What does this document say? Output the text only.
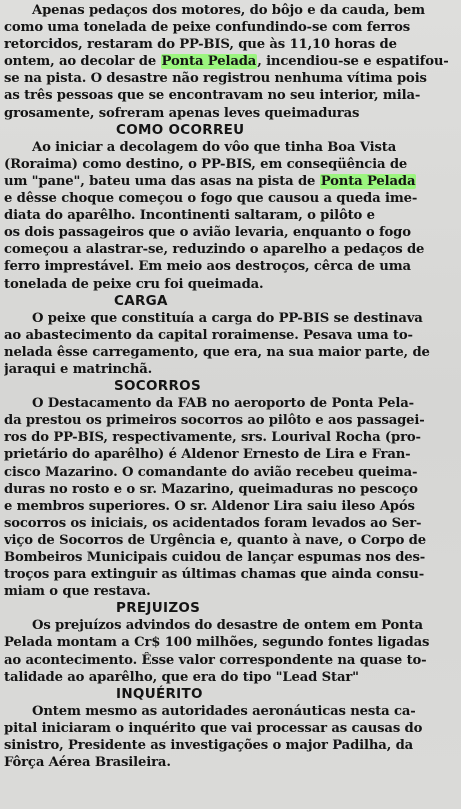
Apenas pedaços dos motores, do bôjo e da cauda, bem
como uma tonelada de peixe confundindo-se com ferros
retorcidos, restaram do PP-BIS, que às 11,10 horas de
ontem, ao decolar de Ponta Pelada, incendiou-se e espatifou-
se na pista. O desastre não registrou nenhuma vítima pois
as três pessoas que se encontravam no seu interior, mila-
grosamente, sofreram apenas leves queimaduras
COMO OCORREU
Ao iniciar a decolagem do vôo que tinha Boa Vista
(Roraima) como destino, o PP-BIS, em conseqüência de
um "pane", bateu uma das asas na pista de Ponta Pelada
e dêsse choque começou o fogo que causou a queda ime-
diata do aparêlho. Incontinenti saltaram, o pilôto e
os dois passageiros que o avião levaria, enquanto o fogo
começou a alastrar-se, reduzindo o aparelho a pedaços de
ferro imprestável. Em meio aos destroços, cêrca de uma
tonelada de peixe cru foi queimada.
CARGA
O peixe que constituía a carga do PP-BIS se destinava
ao abastecimento da capital roraimense. Pesava uma to-
nelada êsse carregamento, que era, na sua maior parte, de
jaraqui e matrinchã.
SOCORROS
O Destacamento da FAB no aeroporto de Ponta Pela-
da prestou os primeiros socorros ao pilôto e aos passagei-
ros do PP-BIS, respectivamente, srs. Lourival Rocha (pro-
prietário do aparêlho) é Aldenor Ernesto de Lira e Fran-
cisco Mazarino. O comandante do avião recebeu queima-
duras no rosto e o sr. Mazarino, queimaduras no pescoço
e membros superiores. O sr. Aldenor Lira saiu ileso Após
socorros os iniciais, os acidentados foram levados ao Ser-
viço de Socorros de Urgência e, quanto à nave, o Corpo de
Bombeiros Municipais cuidou de lançar espumas nos des-
troços para extinguir as últimas chamas que ainda consu-
miam o que restava.
PREJUIZOS
Os prejuízos advindos do desastre de ontem em Ponta
Pelada montam a Cr$ 100 milhões, segundo fontes ligadas
ao acontecimento. Êsse valor correspondente na quase to-
talidade ao aparêlho, que era do tipo "Lead Star"
INQUÉRITO
Ontem mesmo as autoridades aeronáuticas nesta ca-
pital iniciaram o inquérito que vai processar as causas do
sinistro, Presidente as investigações o major Padilha, da
Fôrça Aérea Brasileira.
